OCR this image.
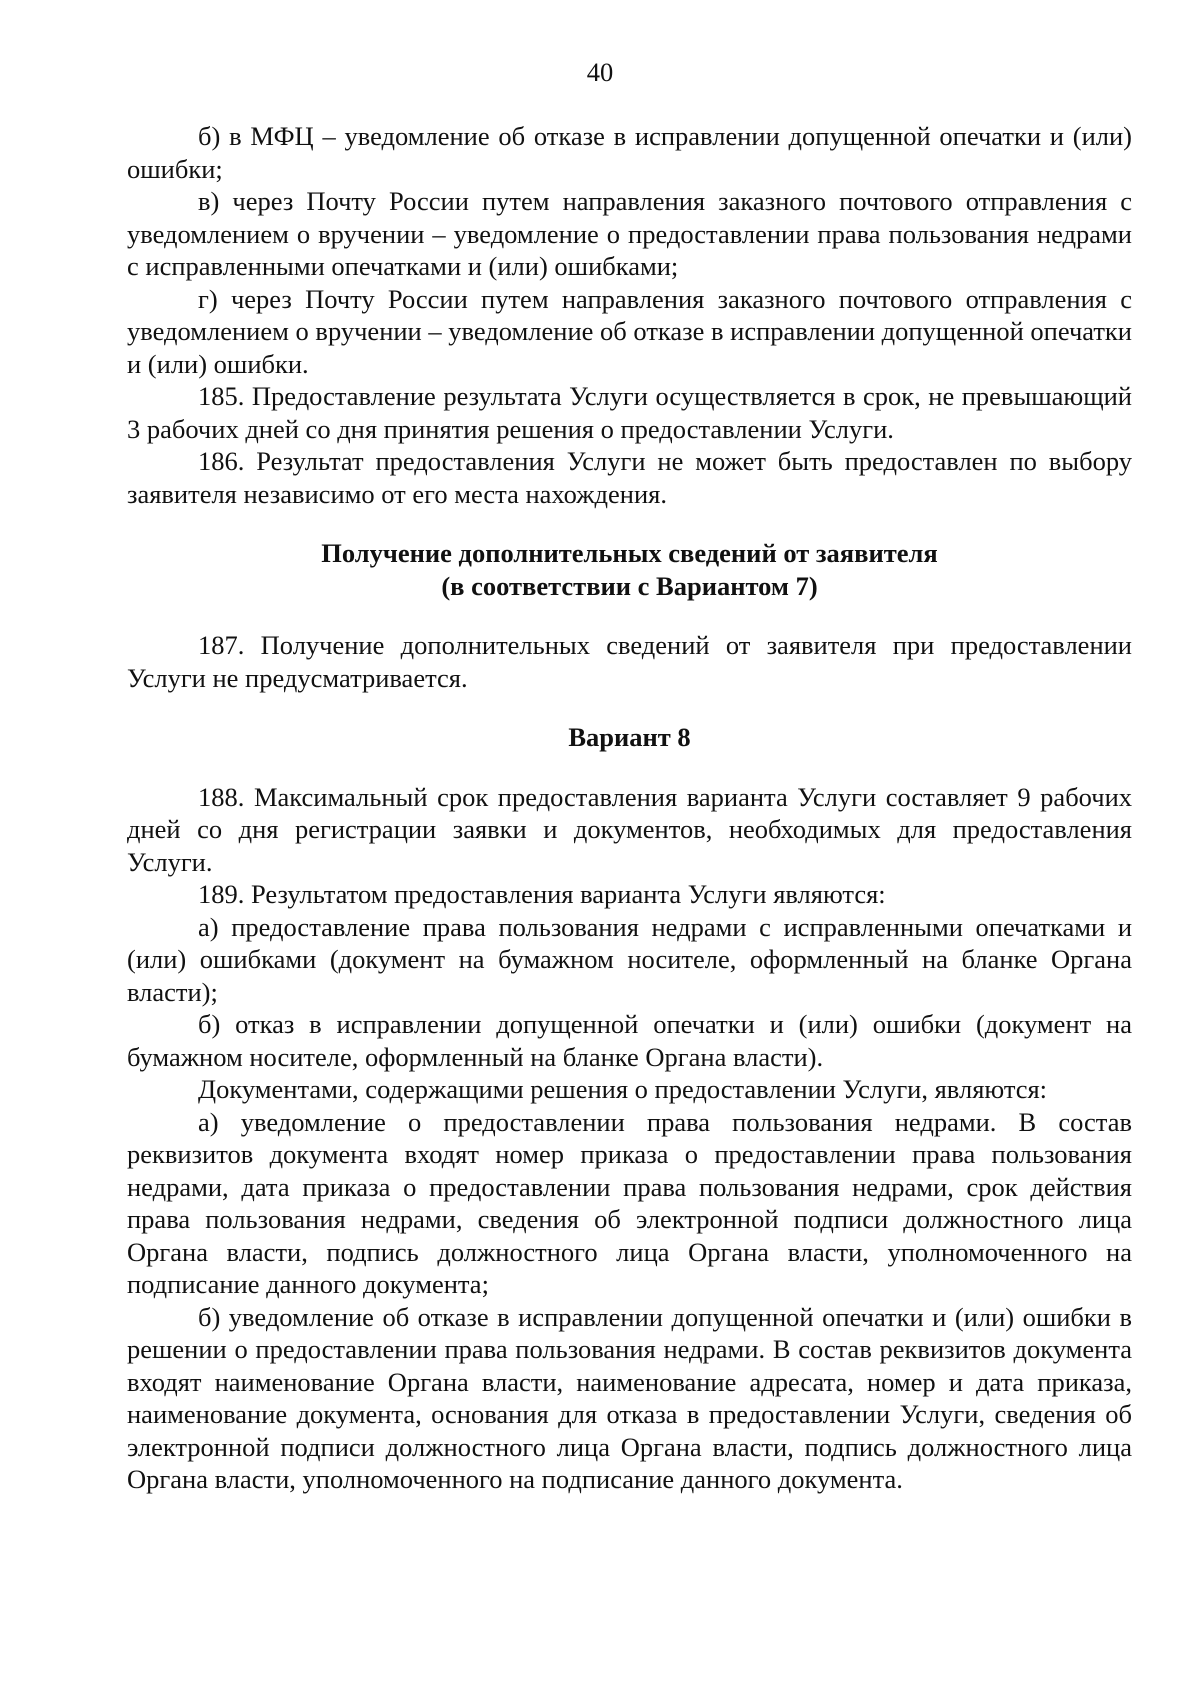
40

б) в МФЦ – уведомление об отказе в исправлении допущенной опечатки и (или) ошибки;

в) через Почту России путем направления заказного почтового отправления с уведомлением о вручении – уведомление о предоставлении права пользования недрами с исправленными опечатками и (или) ошибками;

г) через Почту России путем направления заказного почтового отправления с уведомлением о вручении – уведомление об отказе в исправлении допущенной опечатки и (или) ошибки.

185. Предоставление результата Услуги осуществляется в срок, не превышающий 3 рабочих дней со дня принятия решения о предоставлении Услуги.

186. Результат предоставления Услуги не может быть предоставлен по выбору заявителя независимо от его места нахождения.

Получение дополнительных сведений от заявителя

(в соответствии с Вариантом 7)

187. Получение дополнительных сведений от заявителя при предоставлении Услуги не предусматривается.

Вариант 8

188. Максимальный срок предоставления варианта Услуги составляет 9 рабочих дней со дня регистрации заявки и документов, необходимых для предоставления Услуги.

189. Результатом предоставления варианта Услуги являются:

а) предоставление права пользования недрами с исправленными опечатками и (или) ошибками (документ на бумажном носителе, оформленный на бланке Органа власти);

б) отказ в исправлении допущенной опечатки и (или) ошибки (документ на бумажном носителе, оформленный на бланке Органа власти).

Документами, содержащими решения о предоставлении Услуги, являются:

а) уведомление о предоставлении права пользования недрами. В состав реквизитов документа входят номер приказа о предоставлении права пользования недрами, дата приказа о предоставлении права пользования недрами, срок действия права пользования недрами, сведения об электронной подписи должностного лица Органа власти, подпись должностного лица Органа власти, уполномоченного на подписание данного документа;

б) уведомление об отказе в исправлении допущенной опечатки и (или) ошибки в решении о предоставлении права пользования недрами. В состав реквизитов документа входят наименование Органа власти, наименование адресата, номер и дата приказа, наименование документа, основания для отказа в предоставлении Услуги, сведения об электронной подписи должностного лица Органа власти, подпись должностного лица Органа власти, уполномоченного на подписание данного документа.
